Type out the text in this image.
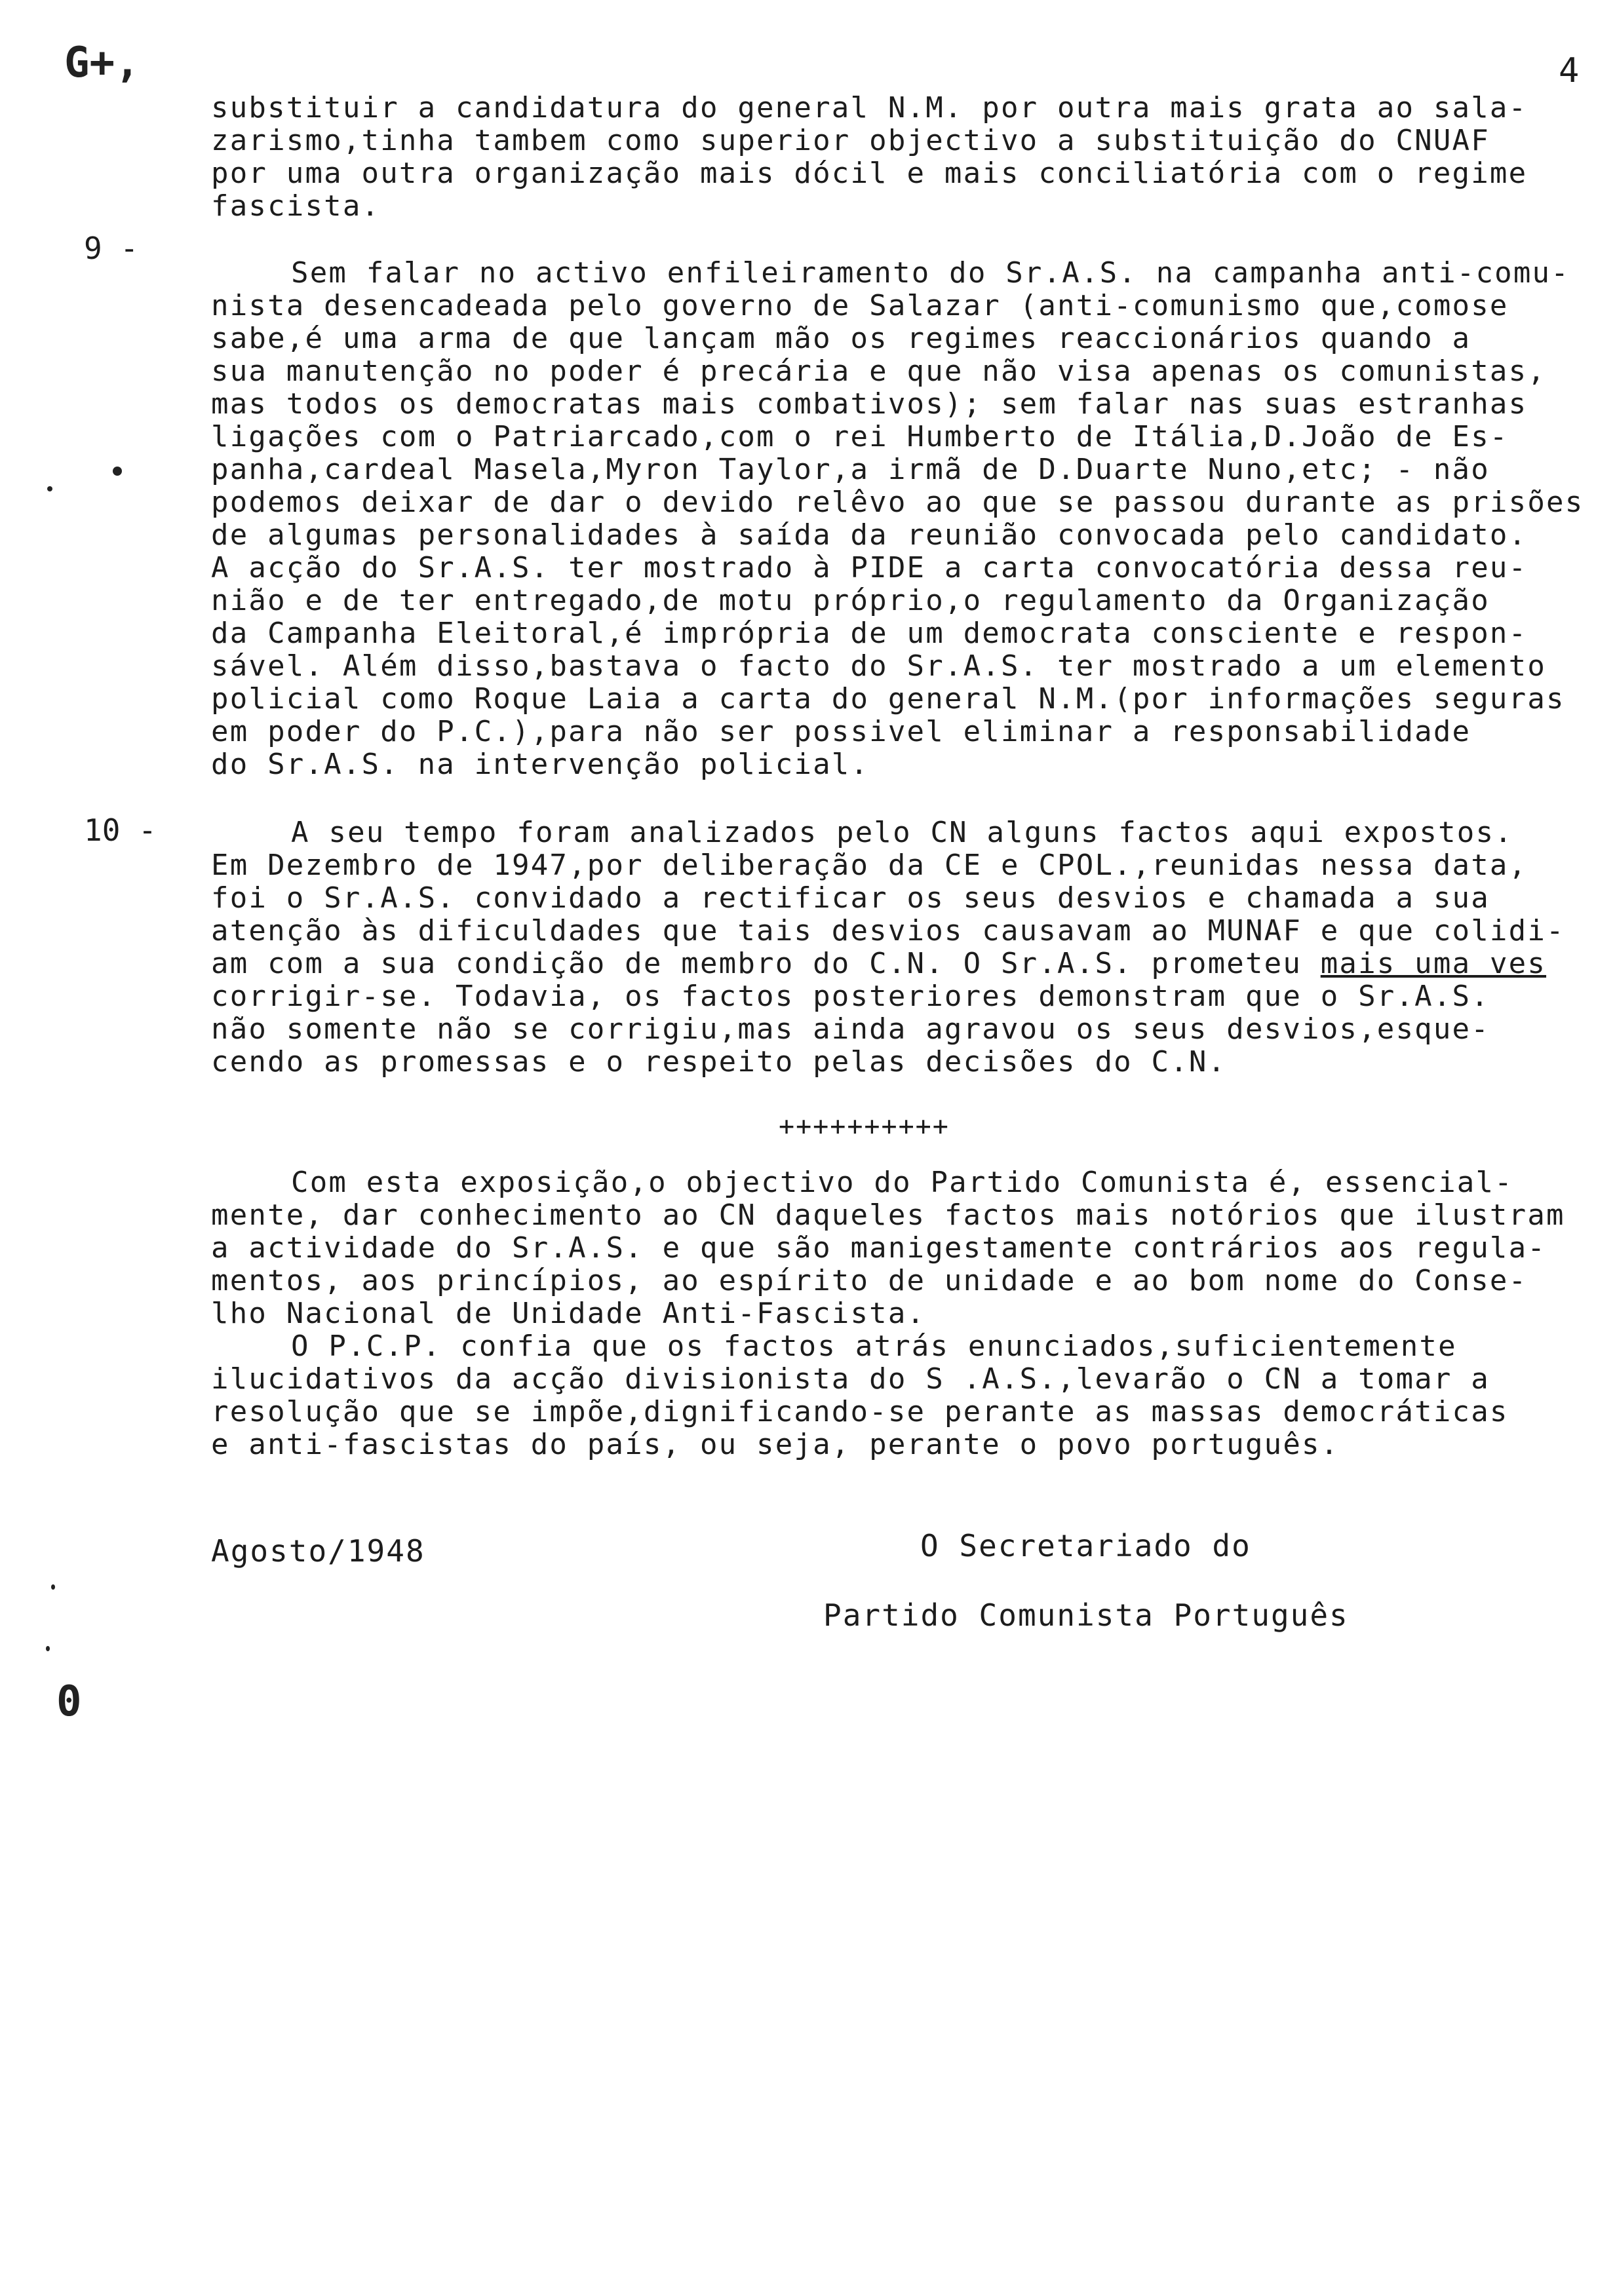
G+,	4
substituir a candidatura do general N.M. por outra mais grata ao sala-
zarismo,tinha tambem como superior objectivo a substituição do CNUAF
por uma outra organização mais dócil e mais conciliatória com o regime
fascista.
9 -
Sem falar no activo enfileiramento do Sr.A.S. na campanha anti-comu-
nista desencadeada pelo governo de Salazar (anti-comunismo que,comose
sabe,é uma arma de que lançam mão os regimes reaccionários quando a
sua manutenção no poder é precária e que não visa apenas os comunistas,
mas todos os democratas mais combativos); sem falar nas suas estranhas
ligações com o Patriarcado,com o rei Humberto de Itália,D.João de Es-
panha,cardeal Masela,Myron Taylor,a irmã de D.Duarte Nuno,etc; - não
podemos deixar de dar o devido relêvo ao que se passou durante as prisões
de algumas personalidades à saída da reunião convocada pelo candidato.
A acção do Sr.A.S. ter mostrado à PIDE a carta convocatória dessa reu-
nião e de ter entregado,de motu próprio,o regulamento da Organização
da Campanha Eleitoral,é imprópria de um democrata consciente e respon-
sável. Além disso,bastava o facto do Sr.A.S. ter mostrado a um elemento
policial como Roque Laia a carta do general N.M.(por informações seguras
em poder do P.C.),para não ser possivel eliminar a responsabilidade
do Sr.A.S. na intervenção policial.
10 -	A seu tempo foram analizados pelo CN alguns factos aqui expostos.
Em Dezembro de 1947,por deliberação da CE e CPOL.,reunidas nessa data,
foi o Sr.A.S. convidado a rectificar os seus desvios e chamada a sua
atenção às dificuldades que tais desvios causavam ao MUNAF e que colidi-
am com a sua condição de membro do C.N. O Sr.A.S. prometeu mais uma ves
corrigir-se. Todavia, os factos posteriores demonstram que o Sr.A.S.
não somente não se corrigiu,mas ainda agravou os seus desvios,esque-
cendo as promessas e o respeito pelas decisões do C.N.
++++++++++
Com esta exposição,o objectivo do Partido Comunista é, essencial-
mente, dar conhecimento ao CN daqueles factos mais notórios que ilustram
a actividade do Sr.A.S. e que são manigestamente contrários aos regula-
mentos, aos princípios, ao espírito de unidade e ao bom nome do Conse-
lho Nacional de Unidade Anti-Fascista.
O P.C.P. confia que os factos atrás enunciados,suficientemente
ilucidativos da acção divisionista do S .A.S.,levarão o CN a tomar a
resolução que se impõe,dignificando-se perante as massas democráticas
e anti-fascistas do país, ou seja, perante o povo português.
Agosto/1948	O Secretariado do
Partido Comunista Português
0
